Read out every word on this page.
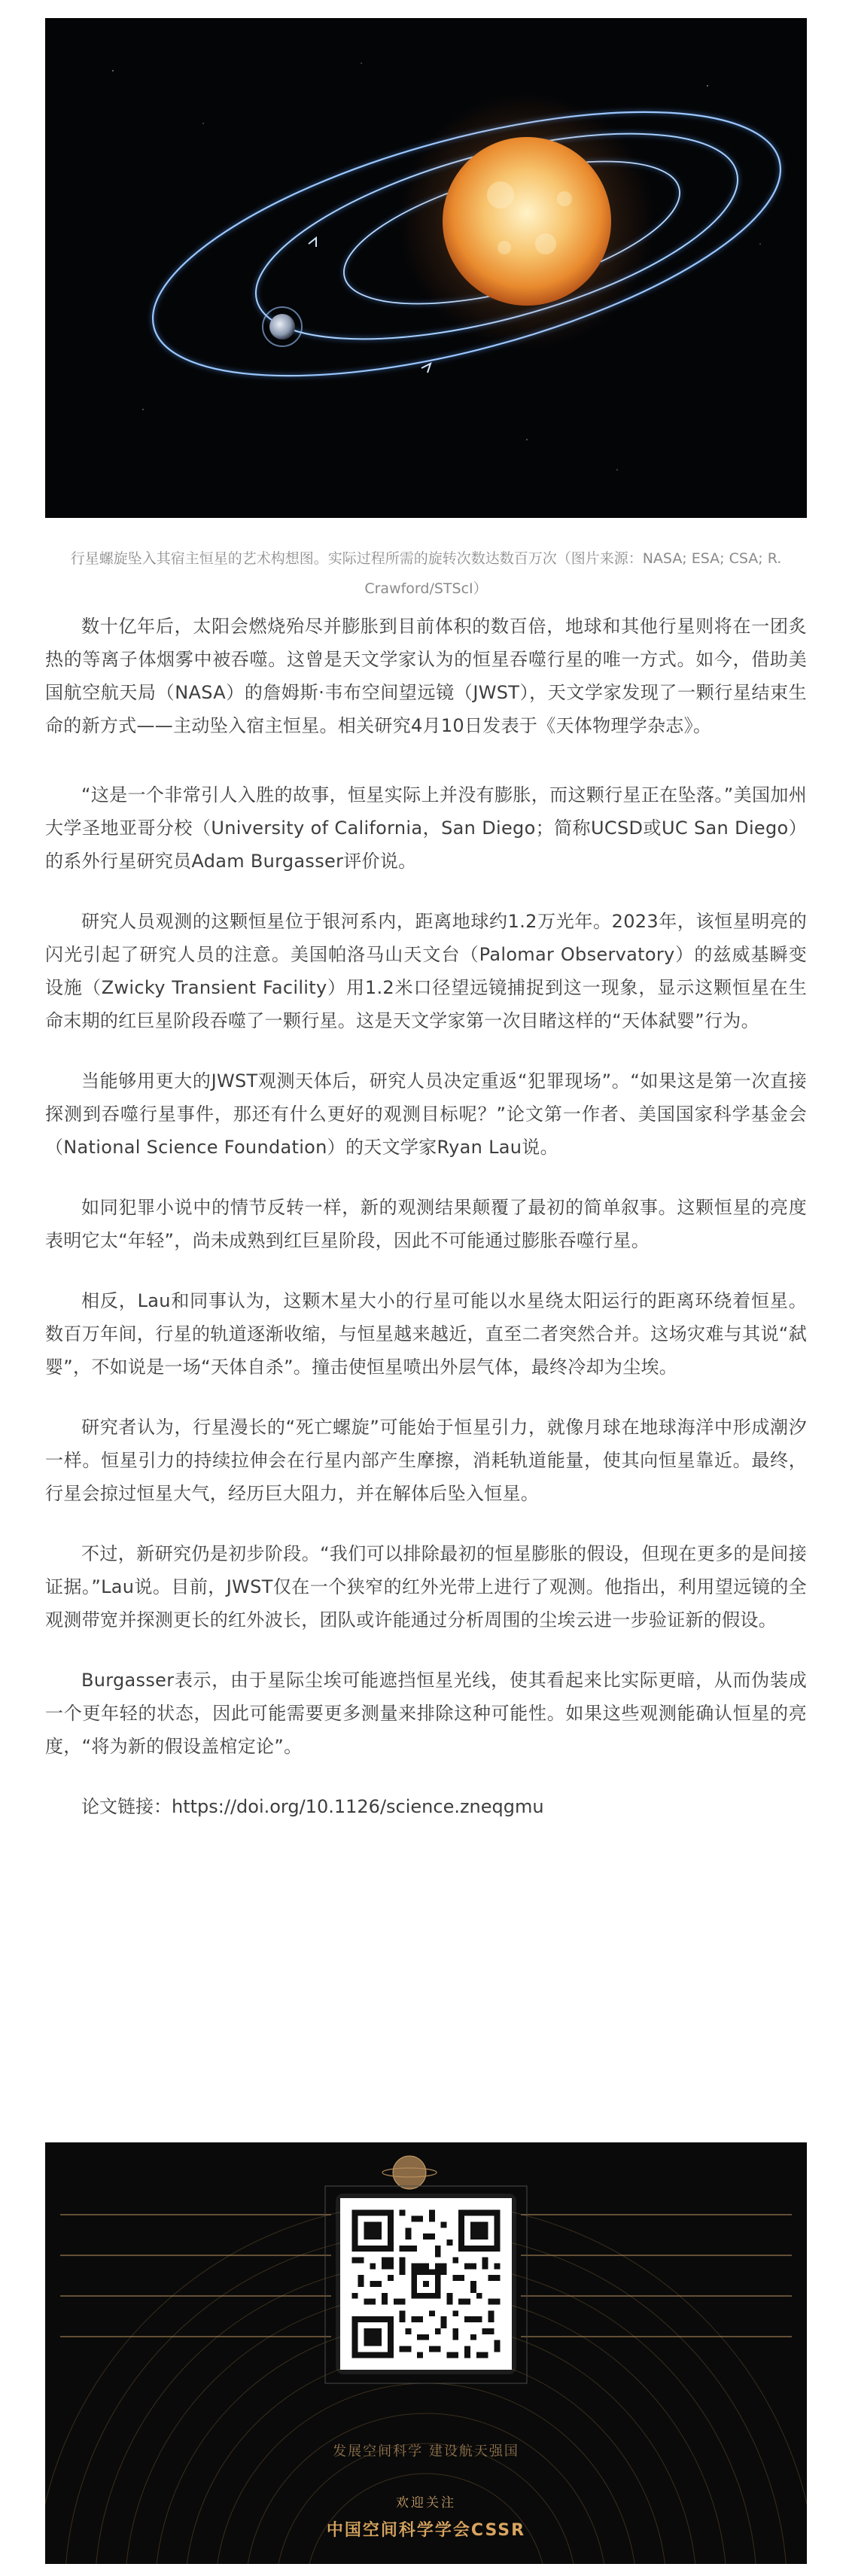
行星螺旋坠入其宿主恒星的艺术构想图。实际过程所需的旋转次数达数百万次（图片来源：NASA; ESA; CSA; R. Crawford/STScI）

数十亿年后，太阳会燃烧殆尽并膨胀到目前体积的数百倍，地球和其他行星则将在一团炙热的等离子体烟雾中被吞噬。这曾是天文学家认为的恒星吞噬行星的唯一方式。如今，借助美国航空航天局（NASA）的詹姆斯·韦布空间望远镜（JWST），天文学家发现了一颗行星结束生命的新方式——主动坠入宿主恒星。相关研究4月10日发表于《天体物理学杂志》。

“这是一个非常引人入胜的故事，恒星实际上并没有膨胀，而这颗行星正在坠落。”美国加州大学圣地亚哥分校（University of California，San Diego；简称UCSD或UC San Diego）的系外行星研究员Adam Burgasser评价说。

研究人员观测的这颗恒星位于银河系内，距离地球约1.2万光年。2023年，该恒星明亮的闪光引起了研究人员的注意。美国帕洛马山天文台（Palomar Observatory）的兹威基瞬变设施（Zwicky Transient Facility）用1.2米口径望远镜捕捉到这一现象，显示这颗恒星在生命末期的红巨星阶段吞噬了一颗行星。这是天文学家第一次目睹这样的“天体弑婴”行为。

当能够用更大的JWST观测天体后，研究人员决定重返“犯罪现场”。“如果这是第一次直接探测到吞噬行星事件，那还有什么更好的观测目标呢？”论文第一作者、美国国家科学基金会（National Science Foundation）的天文学家Ryan Lau说。

如同犯罪小说中的情节反转一样，新的观测结果颠覆了最初的简单叙事。这颗恒星的亮度表明它太“年轻”，尚未成熟到红巨星阶段，因此不可能通过膨胀吞噬行星。

相反，Lau和同事认为，这颗木星大小的行星可能以水星绕太阳运行的距离环绕着恒星。数百万年间，行星的轨道逐渐收缩，与恒星越来越近，直至二者突然合并。这场灾难与其说“弑婴”，不如说是一场“天体自杀”。撞击使恒星喷出外层气体，最终冷却为尘埃。

研究者认为，行星漫长的“死亡螺旋”可能始于恒星引力，就像月球在地球海洋中形成潮汐一样。恒星引力的持续拉伸会在行星内部产生摩擦，消耗轨道能量，使其向恒星靠近。最终，行星会掠过恒星大气，经历巨大阻力，并在解体后坠入恒星。

不过，新研究仍是初步阶段。“我们可以排除最初的恒星膨胀的假设，但现在更多的是间接证据。”Lau说。目前，JWST仅在一个狭窄的红外光带上进行了观测。他指出，利用望远镜的全观测带宽并探测更长的红外波长，团队或许能通过分析周围的尘埃云进一步验证新的假设。

Burgasser表示，由于星际尘埃可能遮挡恒星光线，使其看起来比实际更暗，从而伪装成一个更年轻的状态，因此可能需要更多测量来排除这种可能性。如果这些观测能确认恒星的亮度，“将为新的假设盖棺定论”。

论文链接：https://doi.org/10.1126/science.zneqgmu

发展空间科学 建设航天强国
欢迎关注
中国空间科学学会CSSR
